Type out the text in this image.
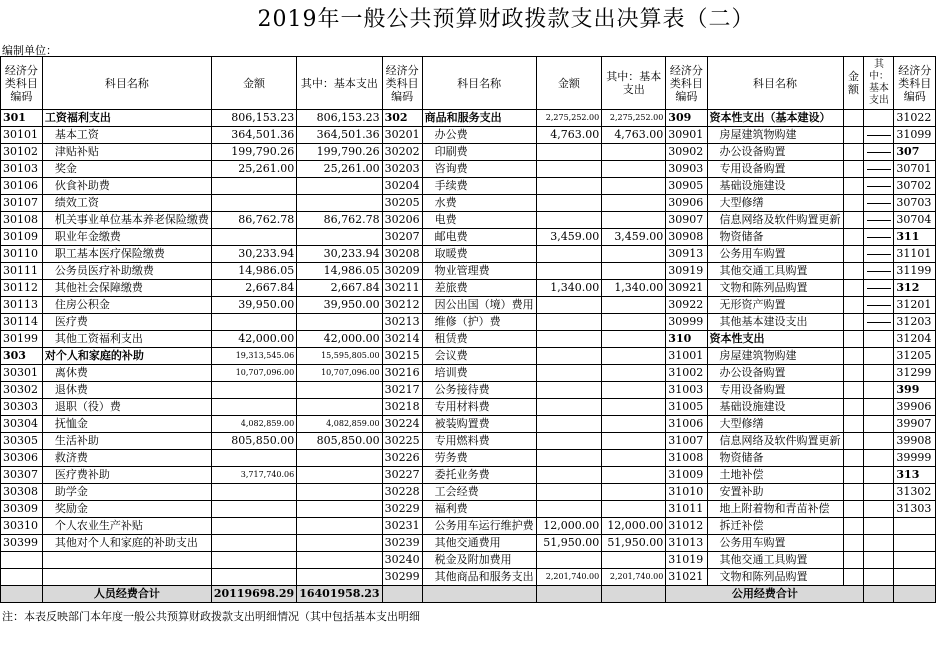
2019年一般公共预算财政拨款支出决算表（二）
编制单位：
经济分类科目编码	科目名称	金额	其中：基本支出	经济分类科目编码	科目名称	金额	其中：基本支出	经济分类科目编码	科目名称	金额	其中：基本支出	经济分类科目编码
301	工资福利支出	806,153.23	806,153.23	302	商品和服务支出	2,275,252.00	2,275,252.00	309	资本性支出（基本建设）			31022
30101	基本工资	364,501.36	364,501.36	30201	办公费	4,763.00	4,763.00	30901	房屋建筑物购建			31099
30102	津贴补贴	199,790.26	199,790.26	30202	印刷费			30902	办公设备购置			307
30103	奖金	25,261.00	25,261.00	30203	咨询费			30903	专用设备购置			30701
30106	伙食补助费			30204	手续费			30905	基础设施建设			30702
30107	绩效工资			30205	水费			30906	大型修缮			30703
30108	机关事业单位基本养老保险缴费	86,762.78	86,762.78	30206	电费			30907	信息网络及软件购置更新			30704
30109	职业年金缴费			30207	邮电费	3,459.00	3,459.00	30908	物资储备			311
30110	职工基本医疗保险缴费	30,233.94	30,233.94	30208	取暖费			30913	公务用车购置			31101
30111	公务员医疗补助缴费	14,986.05	14,986.05	30209	物业管理费			30919	其他交通工具购置			31199
30112	其他社会保障缴费	2,667.84	2,667.84	30211	差旅费	1,340.00	1,340.00	30921	文物和陈列品购置			312
30113	住房公积金	39,950.00	39,950.00	30212	因公出国（境）费用			30922	无形资产购置			31201
30114	医疗费			30213	维修（护）费			30999	其他基本建设支出			31203
30199	其他工资福利支出	42,000.00	42,000.00	30214	租赁费			310	资本性支出			31204
303	对个人和家庭的补助	19,313,545.06	15,595,805.00	30215	会议费			31001	房屋建筑物购建			31205
30301	离休费	10,707,096.00	10,707,096.00	30216	培训费			31002	办公设备购置			31299
30302	退休费			30217	公务接待费			31003	专用设备购置			399
30303	退职（役）费			30218	专用材料费			31005	基础设施建设			39906
30304	抚恤金	4,082,859.00	4,082,859.00	30224	被装购置费			31006	大型修缮			39907
30305	生活补助	805,850.00	805,850.00	30225	专用燃料费			31007	信息网络及软件购置更新			39908
30306	救济费			30226	劳务费			31008	物资储备			39999
30307	医疗费补助	3,717,740.06		30227	委托业务费			31009	土地补偿			313
30308	助学金			30228	工会经费			31010	安置补助			31302
30309	奖励金			30229	福利费			31011	地上附着物和青苗补偿			31303
30310	个人农业生产补贴			30231	公务用车运行维护费	12,000.00	12,000.00	31012	拆迁补偿			
30399	其他对个人和家庭的补助支出			30239	其他交通费用	51,950.00	51,950.00	31013	公务用车购置			
				30240	税金及附加费用			31019	其他交通工具购置			
				30299	其他商品和服务支出	2,201,740.00	2,201,740.00	31021	文物和陈列品购置			
	人员经费合计	20119698.29	16401958.23					公用经费合计				
注：本表反映部门本年度一般公共预算财政拨款支出明细情况（其中包括基本支出明细
